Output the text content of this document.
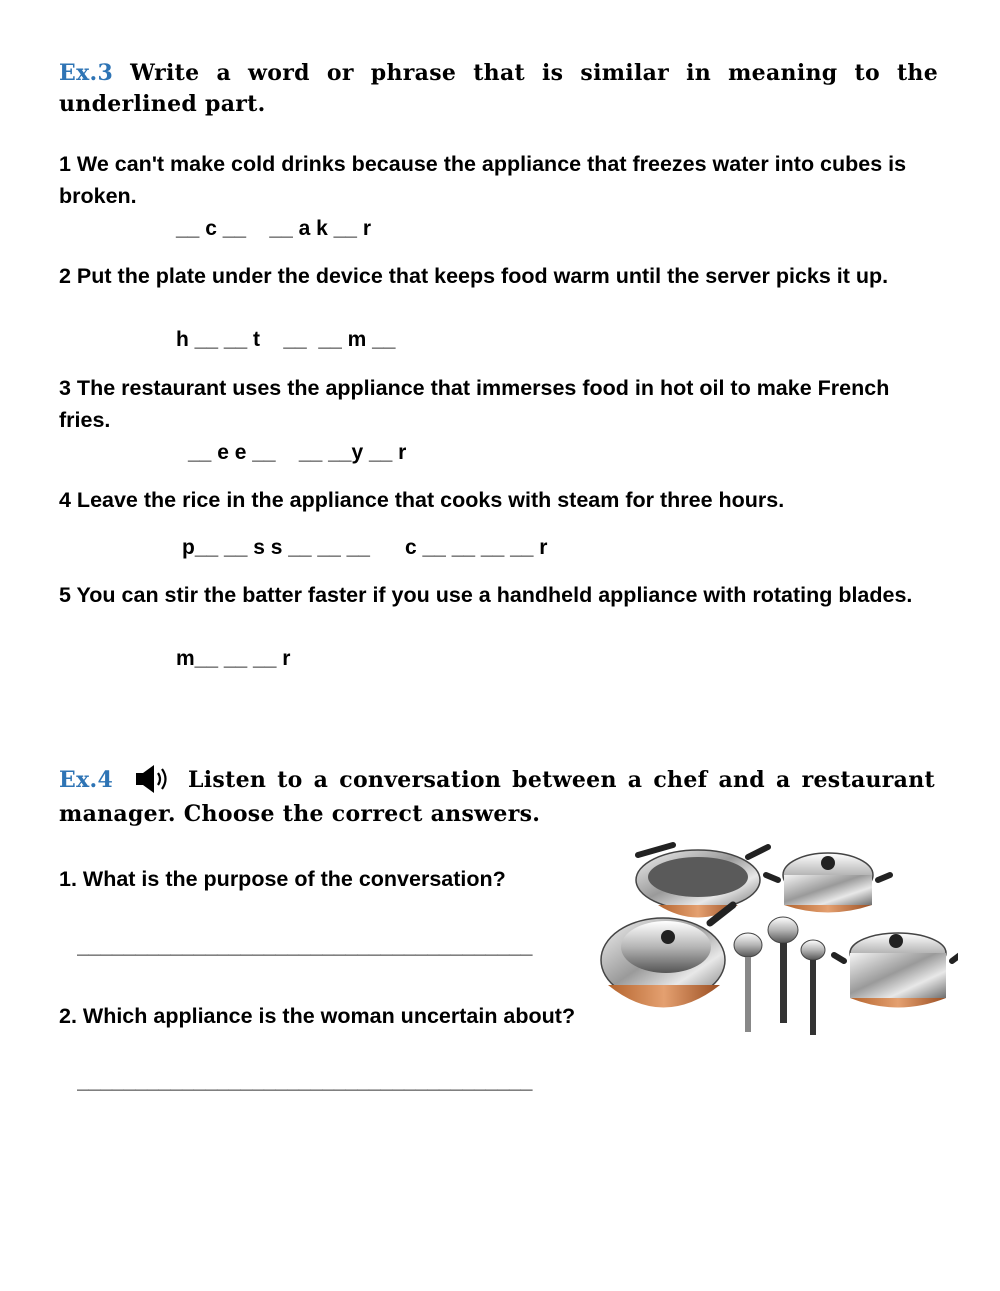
Ex.3 Write a word or phrase that is similar in meaning to the
underlined part.
1 We can't make cold drinks because the appliance that freezes water into cubes is broken.
__ c __    __ a k __ r
2 Put the plate under the device that keeps food warm until the server picks it up.
h __ __ t    __  __ m __
3 The restaurant uses the appliance that immerses food in hot oil to make French fries.
__ e e __    __ __y __ r
4 Leave the rice in the appliance that cooks with steam for three hours.
p__ __ s s __ __ __      c __ __ __ __ r
5 You can stir the batter faster if you use a handheld appliance with rotating blades.
m__ __ __ r
Ex.4	Listen to a conversation between a chef and a restaurant
manager. Choose the correct answers.
1. What is the purpose of the conversation?
_______________________________________
2. Which appliance is the woman uncertain about?
_______________________________________
